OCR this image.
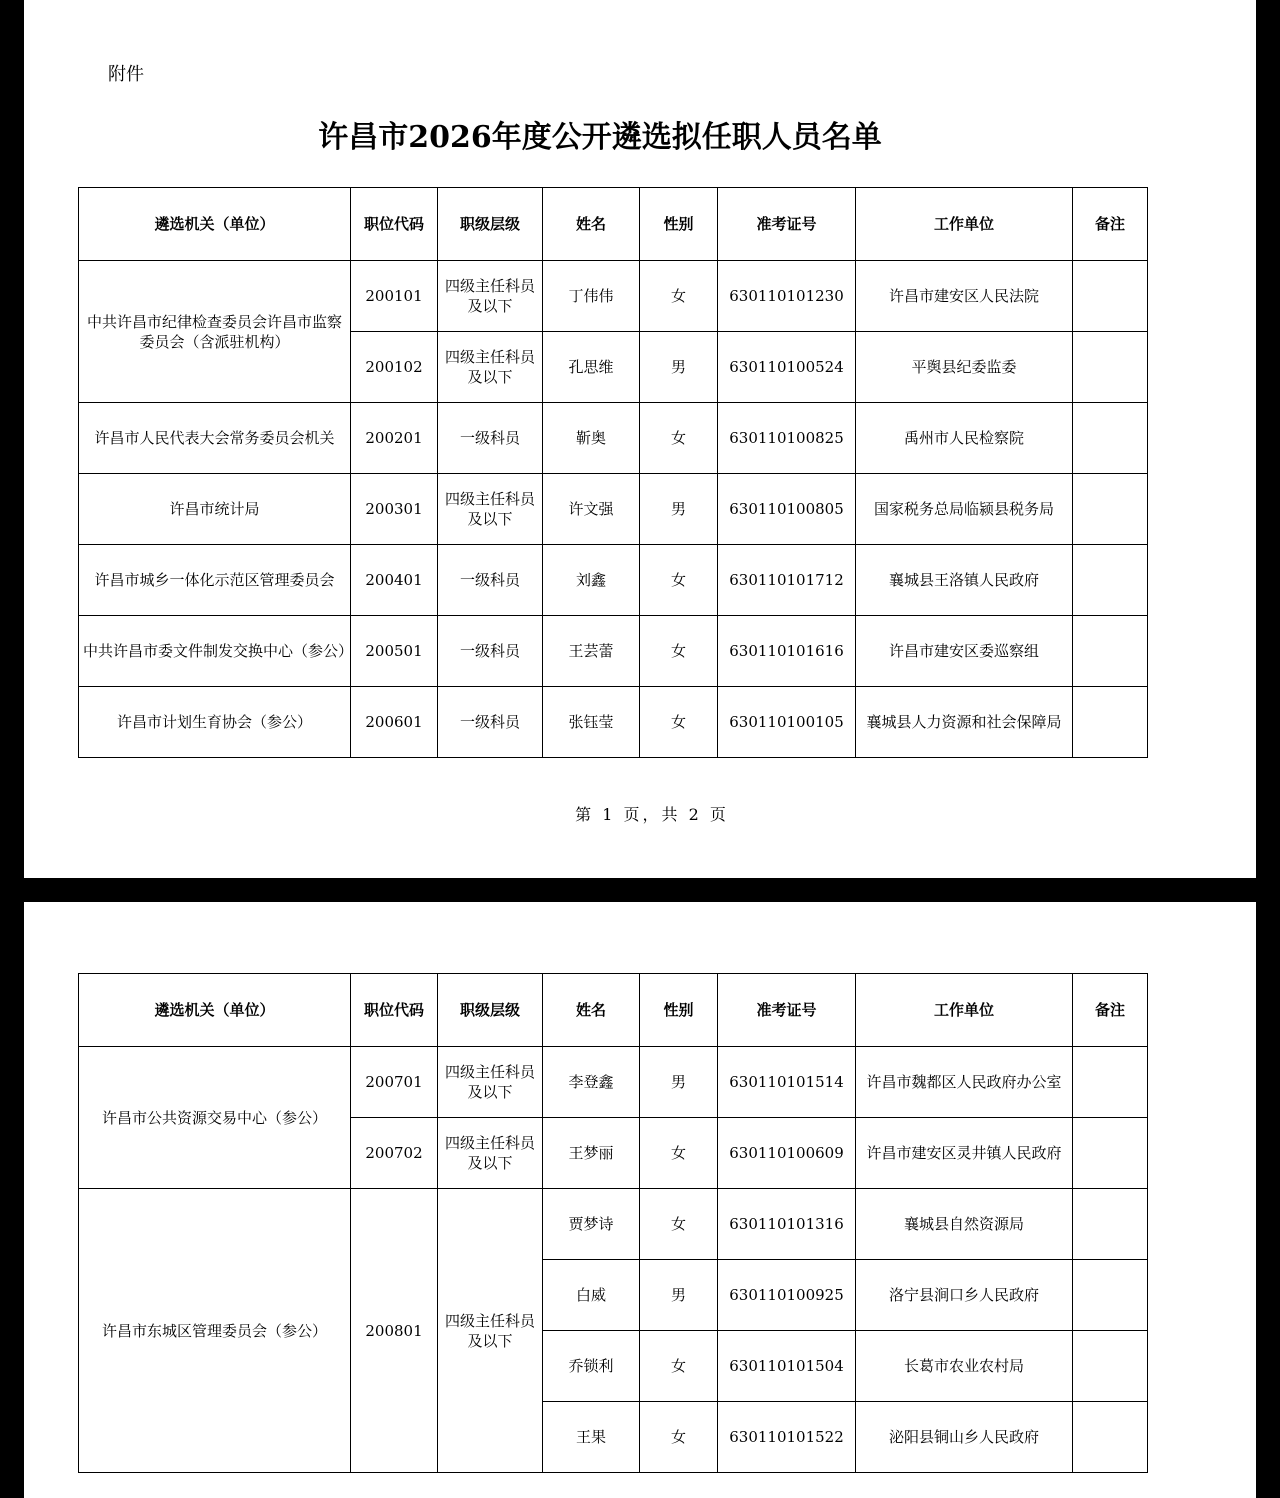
附件
许昌市2026年度公开遴选拟任职人员名单
第 1 页，共 2 页
遴选机关（单位）	职位代码	职级层级	姓名	性别	准考证号	工作单位	备注
中共许昌市纪律检查委员会许昌市监察委员会（含派驻机构）	200101	四级主任科员及以下	丁伟伟	女	630110101230	许昌市建安区人民法院	
	200102	四级主任科员及以下	孔思维	男	630110100524	平舆县纪委监委	
许昌市人民代表大会常务委员会机关	200201	一级科员	靳奥	女	630110100825	禹州市人民检察院	
许昌市统计局	200301	四级主任科员及以下	许文强	男	630110100805	国家税务总局临颍县税务局	
许昌市城乡一体化示范区管理委员会	200401	一级科员	刘鑫	女	630110101712	襄城县王洛镇人民政府	
中共许昌市委文件制发交换中心（参公）	200501	一级科员	王芸蕾	女	630110101616	许昌市建安区委巡察组	
许昌市计划生育协会（参公）	200601	一级科员	张钰莹	女	630110100105	襄城县人力资源和社会保障局	
遴选机关（单位）	职位代码	职级层级	姓名	性别	准考证号	工作单位	备注
许昌市公共资源交易中心（参公）	200701	四级主任科员及以下	李登鑫	男	630110101514	许昌市魏都区人民政府办公室	
	200702	四级主任科员及以下	王梦丽	女	630110100609	许昌市建安区灵井镇人民政府	
许昌市东城区管理委员会（参公）	200801	四级主任科员及以下	贾梦诗	女	630110101316	襄城县自然资源局	
			白威	男	630110100925	洛宁县涧口乡人民政府	
			乔锁利	女	630110101504	长葛市农业农村局	
			王果	女	630110101522	泌阳县铜山乡人民政府	
